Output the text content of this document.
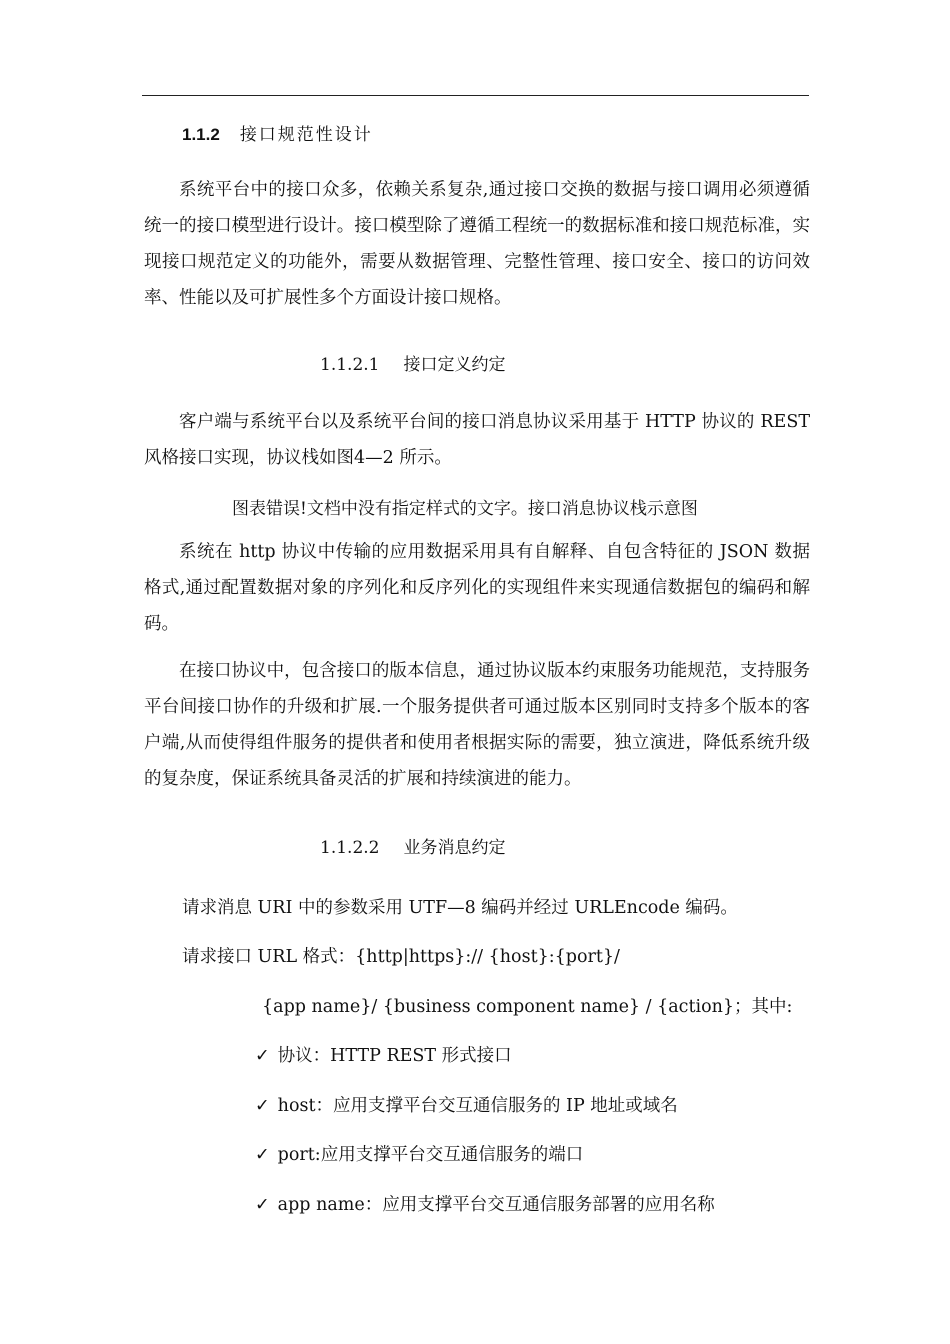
1.1.2 接口规范性设计
系统平台中的接口众多，依赖关系复杂,通过接口交换的数据与接口调用必须遵循统一的接口模型进行设计。接口模型除了遵循工程统一的数据标准和接口规范标准，实现接口规范定义的功能外，需要从数据管理、完整性管理、接口安全、接口的访问效率、性能以及可扩展性多个方面设计接口规格。
1.1.2.1 接口定义约定
客户端与系统平台以及系统平台间的接口消息协议采用基于 HTTP 协议的 REST 风格接口实现，协议栈如图4—2 所示。
图表错误!文档中没有指定样式的文字。接口消息协议栈示意图
系统在 http 协议中传输的应用数据采用具有自解释、自包含特征的 JSON 数据格式,通过配置数据对象的序列化和反序列化的实现组件来实现通信数据包的编码和解码。
在接口协议中，包含接口的版本信息，通过协议版本约束服务功能规范，支持服务平台间接口协作的升级和扩展.一个服务提供者可通过版本区别同时支持多个版本的客户端,从而使得组件服务的提供者和使用者根据实际的需要，独立演进，降低系统升级的复杂度，保证系统具备灵活的扩展和持续演进的能力。
1.1.2.2 业务消息约定
请求消息 URI 中的参数采用 UTF—8 编码并经过 URLEncode 编码。
请求接口 URL 格式：{http|https}:// {host}:{port}/
{app name}/ {business component name} / {action}；其中:
✓ 协议：HTTP REST 形式接口
✓ host：应用支撑平台交互通信服务的 IP 地址或域名
✓ port:应用支撑平台交互通信服务的端口
✓ app name：应用支撑平台交互通信服务部署的应用名称
